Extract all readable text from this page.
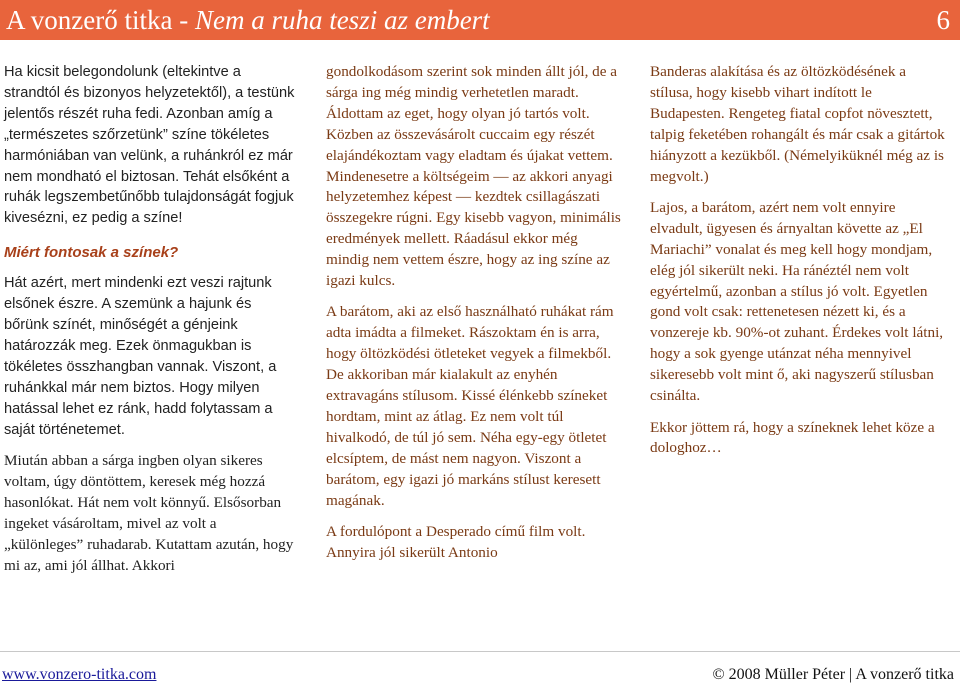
A vonzerő titka - Nem a ruha teszi az embert	6

Ha kicsit belegondolunk (eltekintve a strandtól és bizonyos helyzetektől), a testünk jelentős részét ruha fedi. Azonban amíg a „természetes szőrzetünk” színe tökéletes harmóniában van velünk, a ruhánkról ez már nem mondható el biztosan. Tehát elsőként a ruhák legszembetűnőbb tulajdonságát fogjuk kivesézni, ez pedig a színe!

Miért fontosak a színek?

Hát azért, mert mindenki ezt veszi rajtunk elsőnek észre. A szemünk a hajunk és bőrünk színét, minőségét a génjeink határozzák meg. Ezek önmagukban is tökéletes összhangban vannak. Viszont, a ruhánkkal már nem biztos. Hogy milyen hatással lehet ez ránk, hadd folytassam a saját történetemet.

Miután abban a sárga ingben olyan sikeres voltam, úgy döntöttem, keresek még hozzá hasonlókat. Hát nem volt könnyű. Elsősorban ingeket vásároltam, mivel az volt a „különleges” ruhadarab. Kutattam azután, hogy mi az, ami jól állhat. Akkori

gondolkodásom szerint sok minden állt jól, de a sárga ing még mindig verhetetlen maradt. Áldottam az eget, hogy olyan jó tartós volt. Közben az összevásárolt cuccaim egy részét elajándékoztam vagy eladtam és újakat vettem. Mindenesetre a költségeim — az akkori anyagi helyzetemhez képest — kezdtek csillagászati összegekre rúgni. Egy kisebb vagyon, minimális eredmények mellett. Ráadásul ekkor még mindig nem vettem észre, hogy az ing színe az igazi kulcs.

A barátom, aki az első használható ruhákat rám adta imádta a filmeket. Rászoktam én is arra, hogy öltözködési ötleteket vegyek a filmekből. De akkoriban már kialakult az enyhén extravagáns stílusom. Kissé élénkebb színeket hordtam, mint az átlag. Ez nem volt túl hivalkodó, de túl jó sem. Néha egy-egy ötletet elcsíptem, de mást nem nagyon. Viszont a barátom, egy igazi jó markáns stílust keresett magának.

A fordulópont a Desperado című film volt. Annyira jól sikerült Antonio

Banderas alakítása és az öltözködésének a stílusa, hogy kisebb vihart indított le Budapesten. Rengeteg fiatal copfot növesztett, talpig feketében rohangált és már csak a gitártok hiányzott a kezükből. (Némelyiküknél még az is megvolt.)

Lajos, a barátom, azért nem volt ennyire elvadult, ügyesen és árnyaltan követte az „El Mariachi” vonalat és meg kell hogy mondjam, elég jól sikerült neki. Ha ránéztél nem volt egyértelmű, azonban a stílus jó volt. Egyetlen gond volt csak: rettenetesen nézett ki, és a vonzereje kb. 90%-ot zuhant. Érdekes volt látni, hogy a sok gyenge utánzat néha mennyivel sikeresebb volt mint ő, aki nagyszerű stílusban csinálta.

Ekkor jöttem rá, hogy a színeknek lehet köze a dologhoz…

www.vonzero-titka.com	© 2008 Müller Péter | A vonzerő titka
